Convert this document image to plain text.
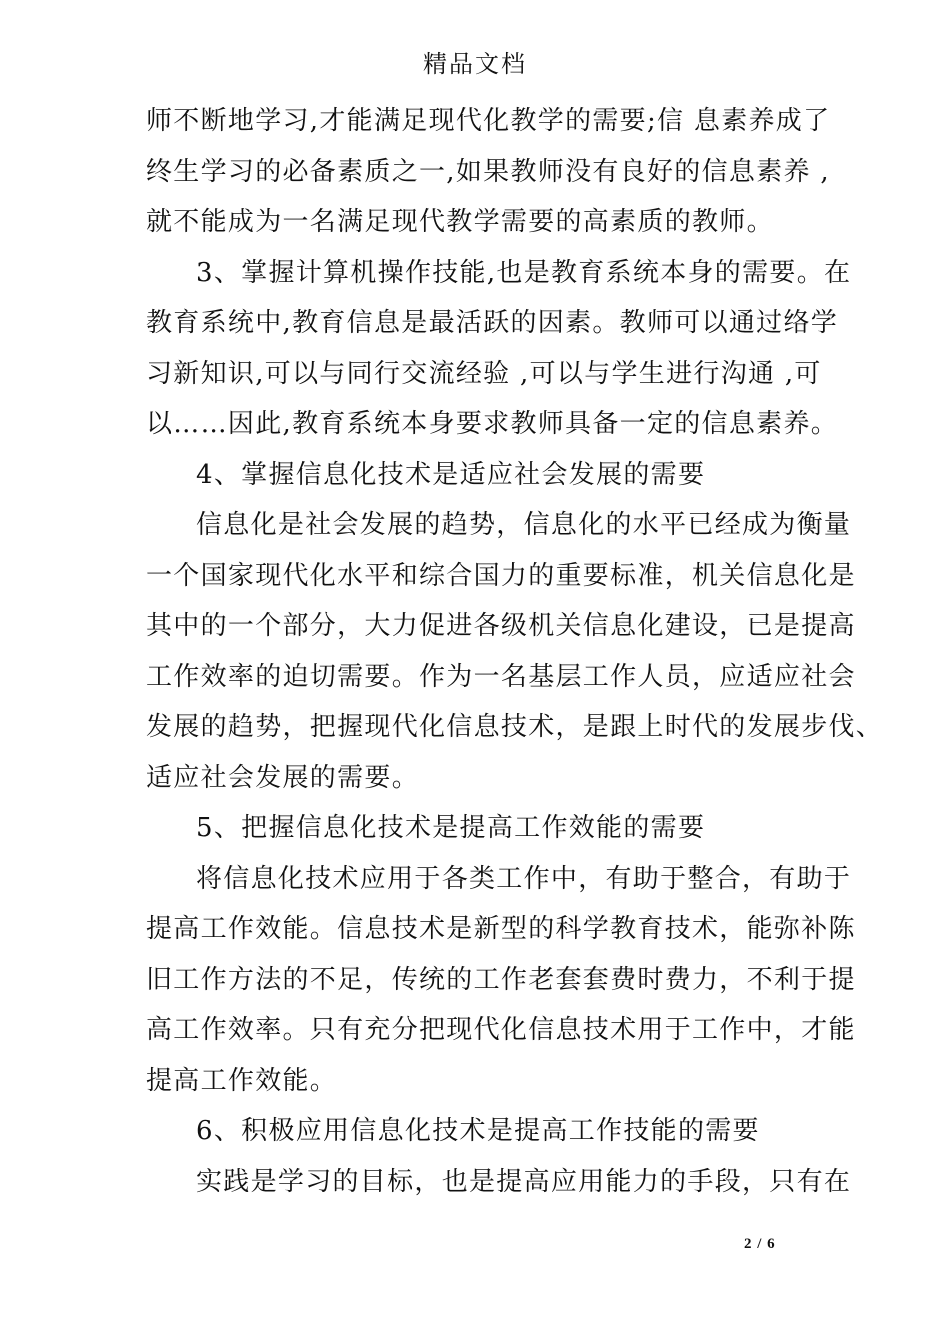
精品文档
师不断地学习,才能满足现代化教学的需要;信 息素养成了
终生学习的必备素质之一,如果教师没有良好的信息素养 ,
就不能成为一名满足现代教学需要的高素质的教师。
3、掌握计算机操作技能,也是教育系统本身的需要。在
教育系统中,教育信息是最活跃的因素。教师可以通过络学
习新知识,可以与同行交流经验 ,可以与学生进行沟通 ,可
以……因此,教育系统本身要求教师具备一定的信息素养。
4、掌握信息化技术是适应社会发展的需要
信息化是社会发展的趋势，信息化的水平已经成为衡量
一个国家现代化水平和综合国力的重要标准，机关信息化是
其中的一个部分，大力促进各级机关信息化建设，已是提高
工作效率的迫切需要。作为一名基层工作人员，应适应社会
发展的趋势，把握现代化信息技术，是跟上时代的发展步伐、
适应社会发展的需要。
5、把握信息化技术是提高工作效能的需要
将信息化技术应用于各类工作中，有助于整合，有助于
提高工作效能。信息技术是新型的科学教育技术，能弥补陈
旧工作方法的不足，传统的工作老套套费时费力，不利于提
高工作效率。只有充分把现代化信息技术用于工作中，才能
提高工作效能。
6、积极应用信息化技术是提高工作技能的需要
实践是学习的目标，也是提高应用能力的手段，只有在
2 / 6
